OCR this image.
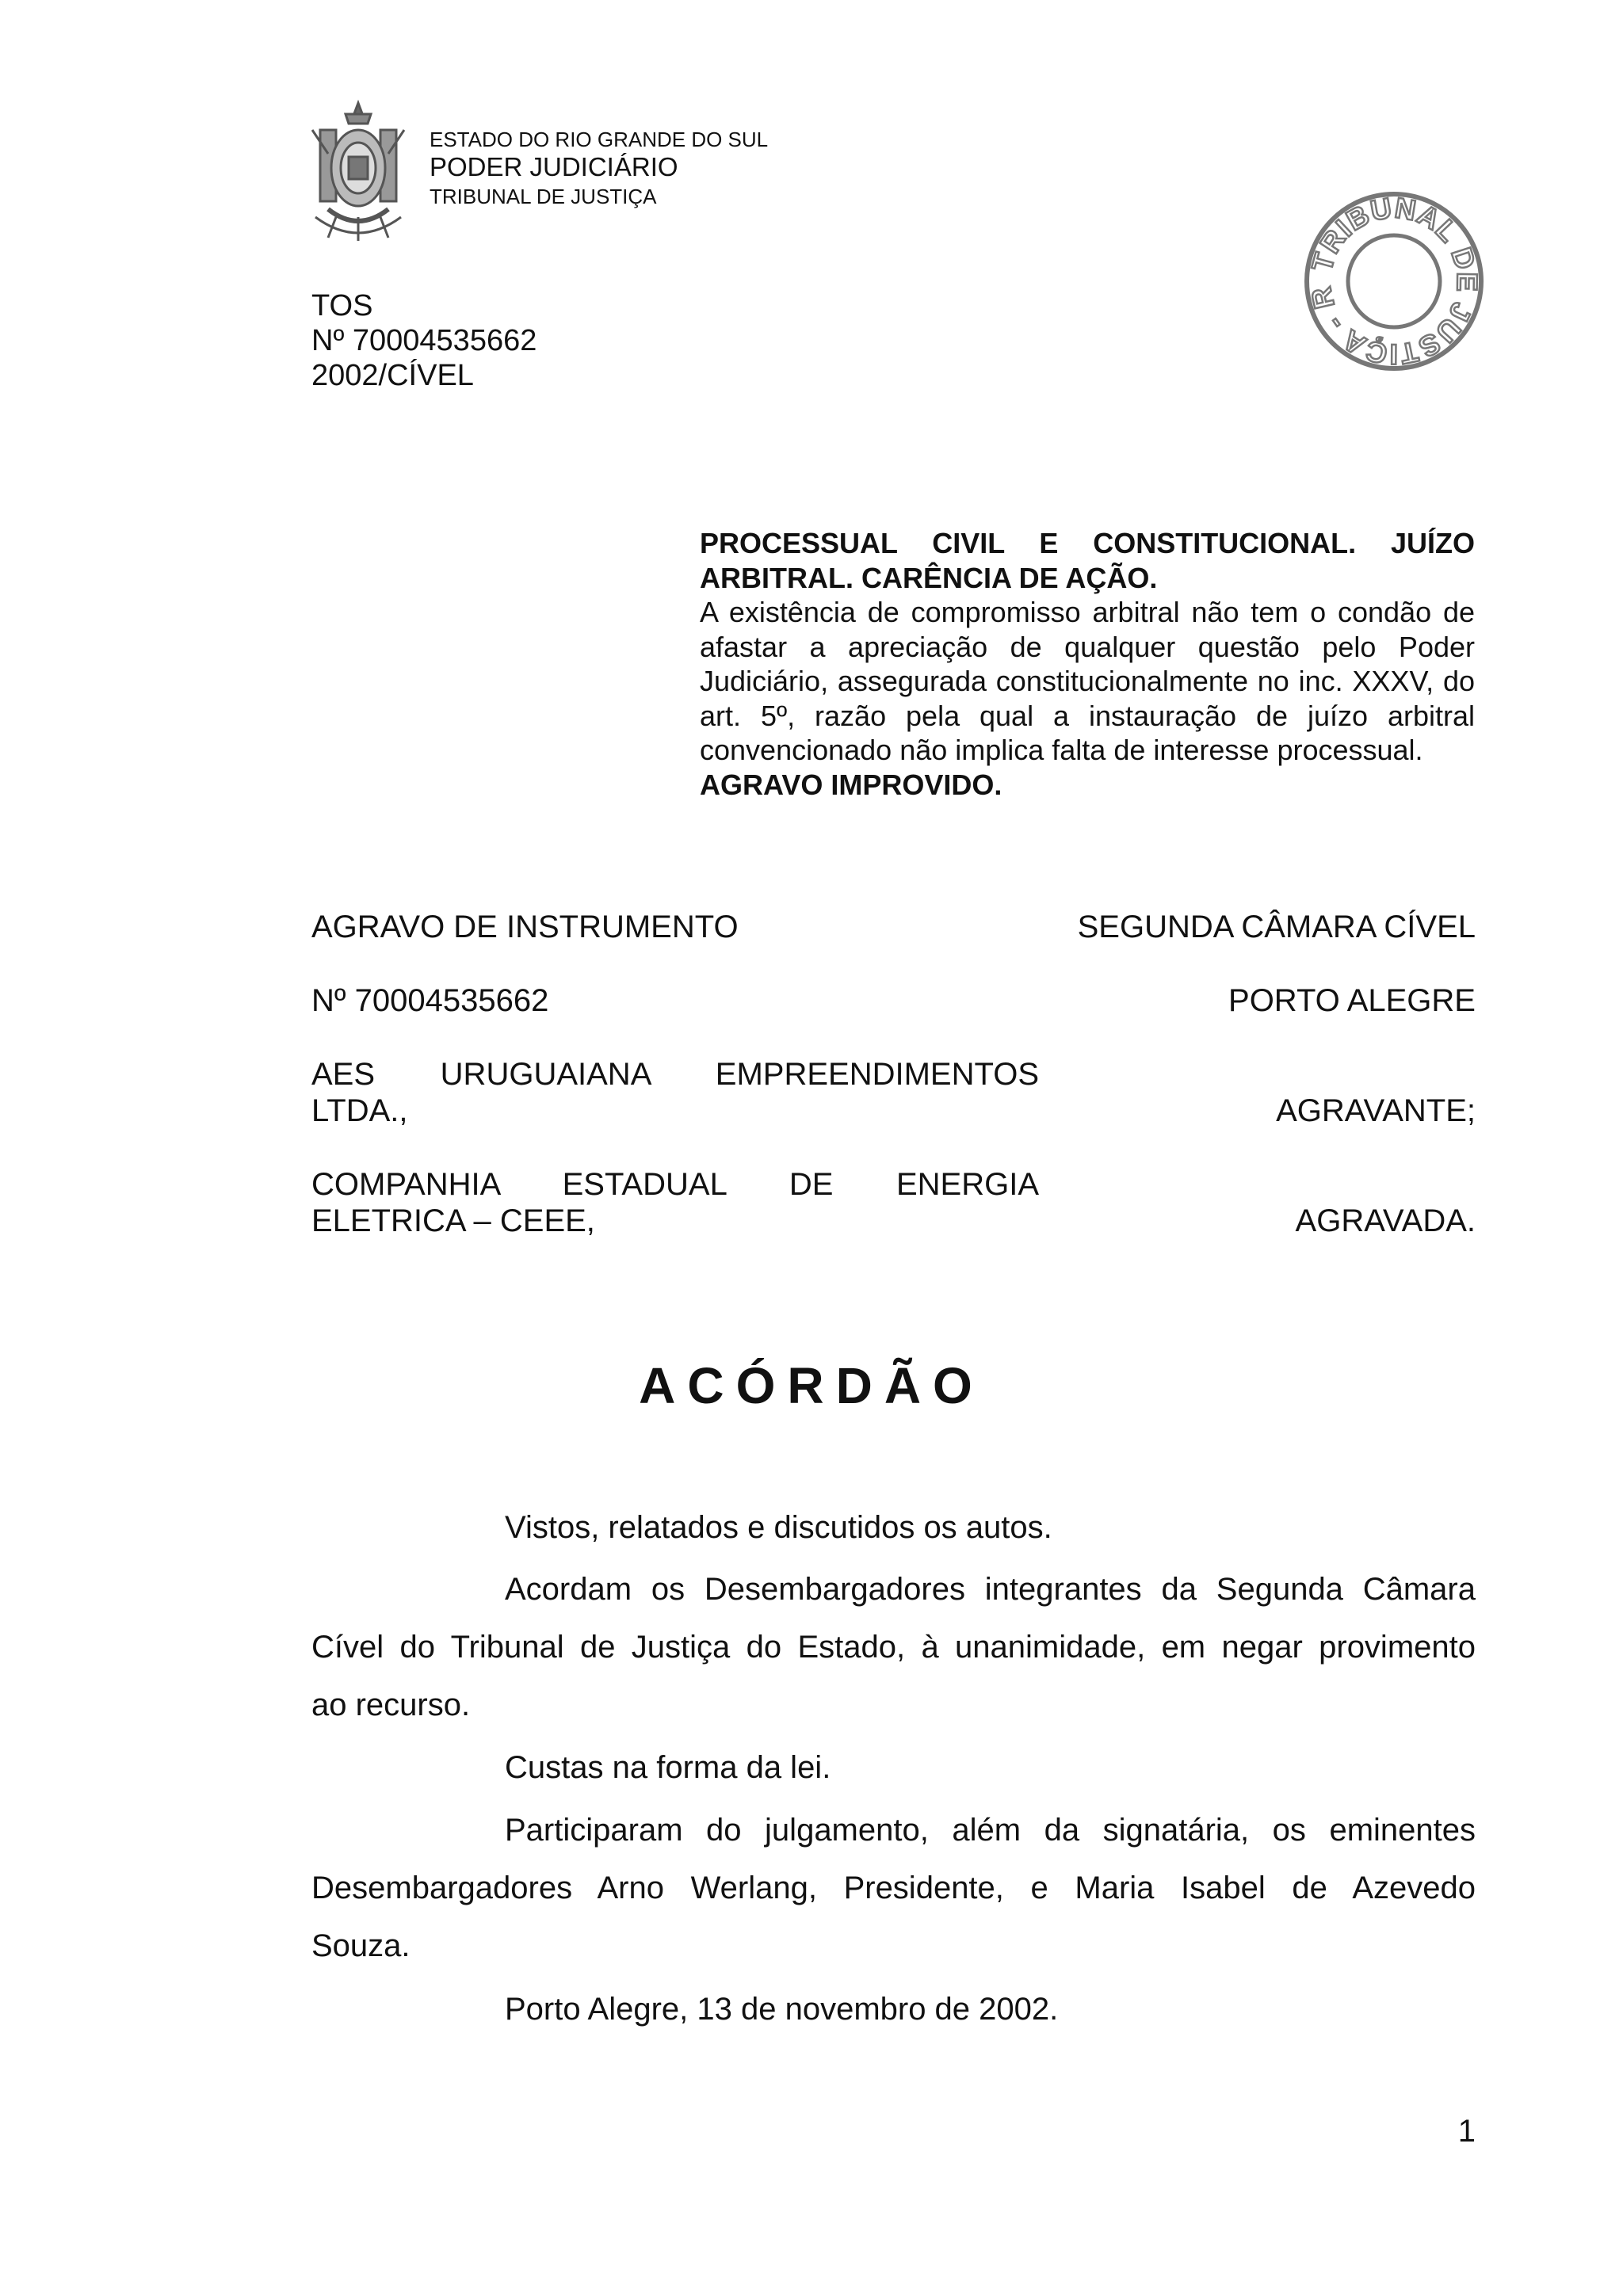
ESTADO DO RIO GRANDE DO SUL
PODER JUDICIÁRIO
TRIBUNAL DE JUSTIÇA
TRIBUNAL DE JUSTIÇA - R
TOS
Nº 70004535662
2002/CÍVEL

PROCESSUAL CIVIL E CONSTITUCIONAL. JUÍZO ARBITRAL. CARÊNCIA DE AÇÃO.

A existência de compromisso arbitral não tem o condão de afastar a apreciação de qualquer questão pelo Poder Judiciário, assegurada constitucionalmente no inc. XXXV, do art. 5º, razão pela qual a instauração de juízo arbitral convencionado não implica falta de interesse processual.

AGRAVO IMPROVIDO.

AGRAVO DE INSTRUMENTO	SEGUNDA CÂMARA CÍVEL
Nº 70004535662	PORTO ALEGRE
AES URUGUAIANA EMPREENDIMENTOS
LTDA.,	AGRAVANTE;
COMPANHIA ESTADUAL DE ENERGIA
ELETRICA – CEEE,	AGRAVADA.
ACÓRDÃO
Vistos, relatados e discutidos os autos.
Acordam os Desembargadores integrantes da Segunda Câmara
Cível do Tribunal de Justiça do Estado, à unanimidade, em negar provimento
ao recurso.
Custas na forma da lei.
Participaram do julgamento, além da signatária, os eminentes
Desembargadores Arno Werlang, Presidente, e Maria Isabel de Azevedo
Souza.
Porto Alegre, 13 de novembro de 2002.
1
